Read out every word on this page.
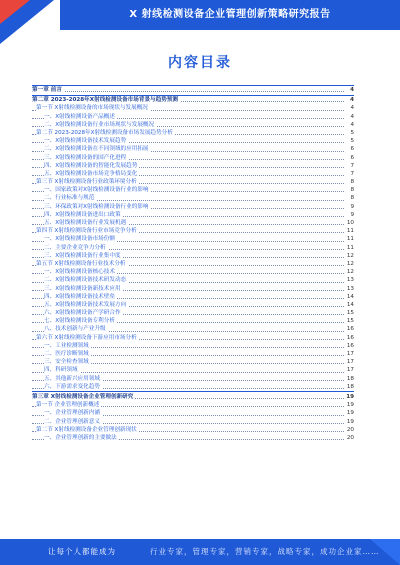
X 射线检测设备企业管理创新策略研究报告
内容目录
第一章 前言	4
第二章 2023-2028年X射线检测设备市场背景与趋势预测	4
第一节 X射线检测设备的市场现状与发展概况	4
一、X射线检测设备产品概述	4
二、X射线检测设备行业市场现状与发展概况	4
第二节 2023-2028年X射线检测设备市场发展趋势分析	5
一、X射线检测设备技术发展趋势	5
二、X射线检测设备在不同领域的应用拓展	6
三、X射线检测设备的国产化进程	6
四、X射线检测设备的智能化发展趋势	7
五、X射线检测设备市场竞争格局变化	7
第三节 X射线检测设备行业政策环境分析	8
一、国家政策对X射线检测设备行业的影响	8
二、行业标准与规范	8
三、环保政策对X射线检测设备行业的影响	9
四、X射线检测设备进出口政策	9
五、X射线检测设备行业发展机遇	10
第四节 X射线检测设备行业市场竞争分析	11
一、X射线检测设备市场份额	11
二、主要企业竞争力分析	11
三、X射线检测设备行业集中度	12
第五节 X射线检测设备行业技术分析	12
一、X射线检测设备核心技术	12
二、X射线检测设备技术研发动态	13
三、X射线检测设备新技术应用	13
四、X射线检测设备技术壁垒	14
五、X射线检测设备技术发展方向	14
六、X射线检测设备产学研合作	15
七、X射线检测设备专利分析	15
八、技术创新与产业升级	16
第六节 X射线检测设备下游应用市场分析	16
一、工业检测领域	16
二、医疗诊断领域	17
三、安全检查领域	17
四、科研领域	17
五、其他新兴应用领域	18
六、下游需求变化趋势	18
第三章 X射线检测设备企业管理创新研究	19
第一节 企业管理创新概述	19
一、企业管理创新内涵	19
二、企业管理创新意义	19
第二节 X射线检测设备企业管理创新现状	20
一、企业管理创新的主要做法	20
让每个人都能成为	行业专家，管理专家，营销专家，战略专家，成功企业家……
